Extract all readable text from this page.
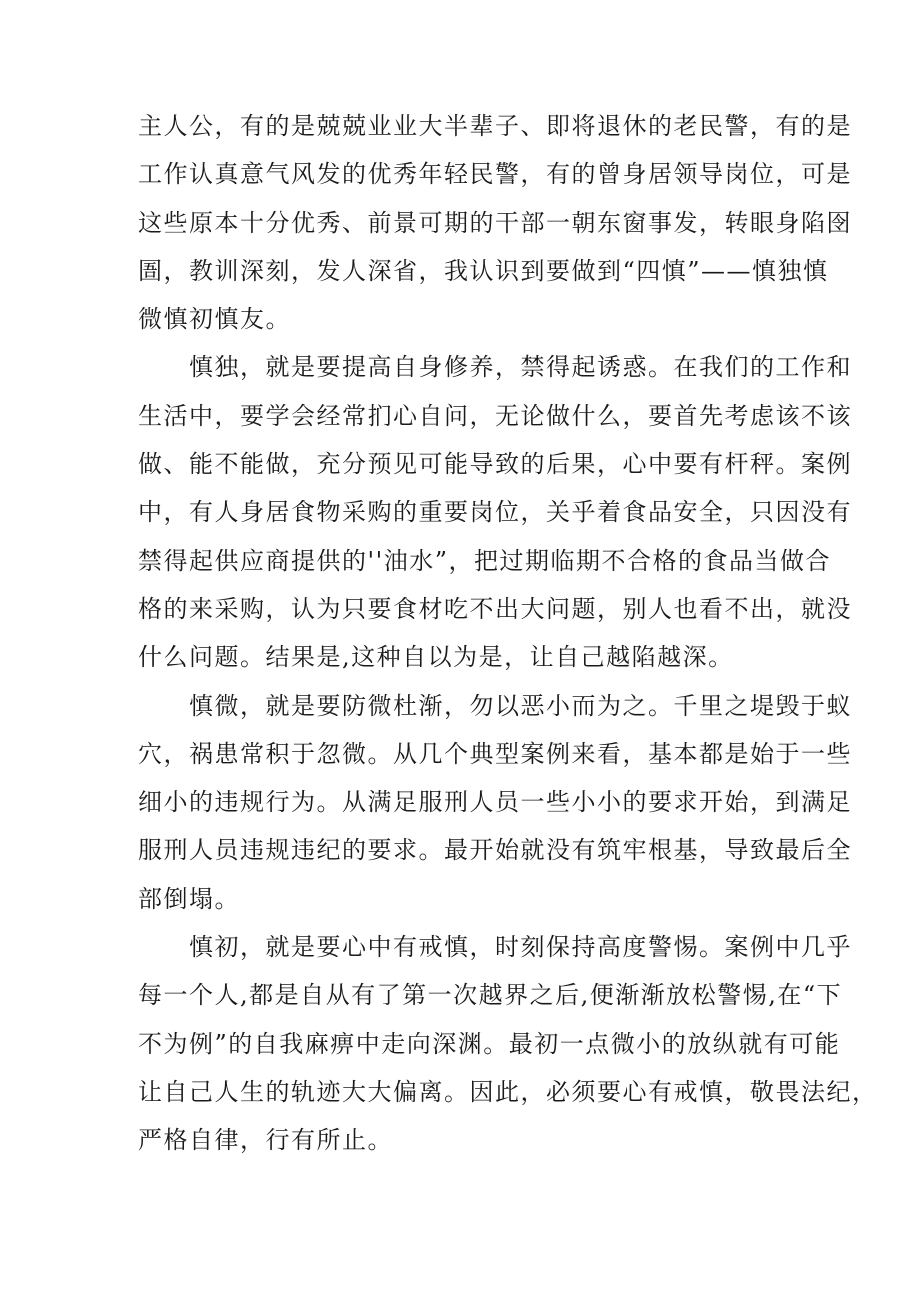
主人公，有的是兢兢业业大半辈子、即将退休的老民警，有的是
工作认真意气风发的优秀年轻民警，有的曾身居领导岗位，可是
这些原本十分优秀、前景可期的干部一朝东窗事发，转眼身陷囹
圄，教训深刻，发人深省，我认识到要做到“四慎”——慎独慎
微慎初慎友。
　　慎独，就是要提高自身修养，禁得起诱惑。在我们的工作和
生活中，要学会经常扪心自问，无论做什么，要首先考虑该不该
做、能不能做，充分预见可能导致的后果，心中要有杆秤。案例
中，有人身居食物采购的重要岗位，关乎着食品安全，只因没有
禁得起供应商提供的''油水”，把过期临期不合格的食品当做合
格的来采购，认为只要食材吃不出大问题，别人也看不出，就没
什么问题。结果是,这种自以为是，让自己越陷越深。
　　慎微，就是要防微杜渐，勿以恶小而为之。千里之堤毁于蚁
穴，祸患常积于忽微。从几个典型案例来看，基本都是始于一些
细小的违规行为。从满足服刑人员一些小小的要求开始，到满足
服刑人员违规违纪的要求。最开始就没有筑牢根基，导致最后全
部倒塌。
　　慎初，就是要心中有戒慎，时刻保持高度警惕。案例中几乎
每一个人,都是自从有了第一次越界之后,便渐渐放松警惕,在“下
不为例”的自我麻痹中走向深渊。最初一点微小的放纵就有可能
让自己人生的轨迹大大偏离。因此，必须要心有戒慎，敬畏法纪，
严格自律，行有所止。
